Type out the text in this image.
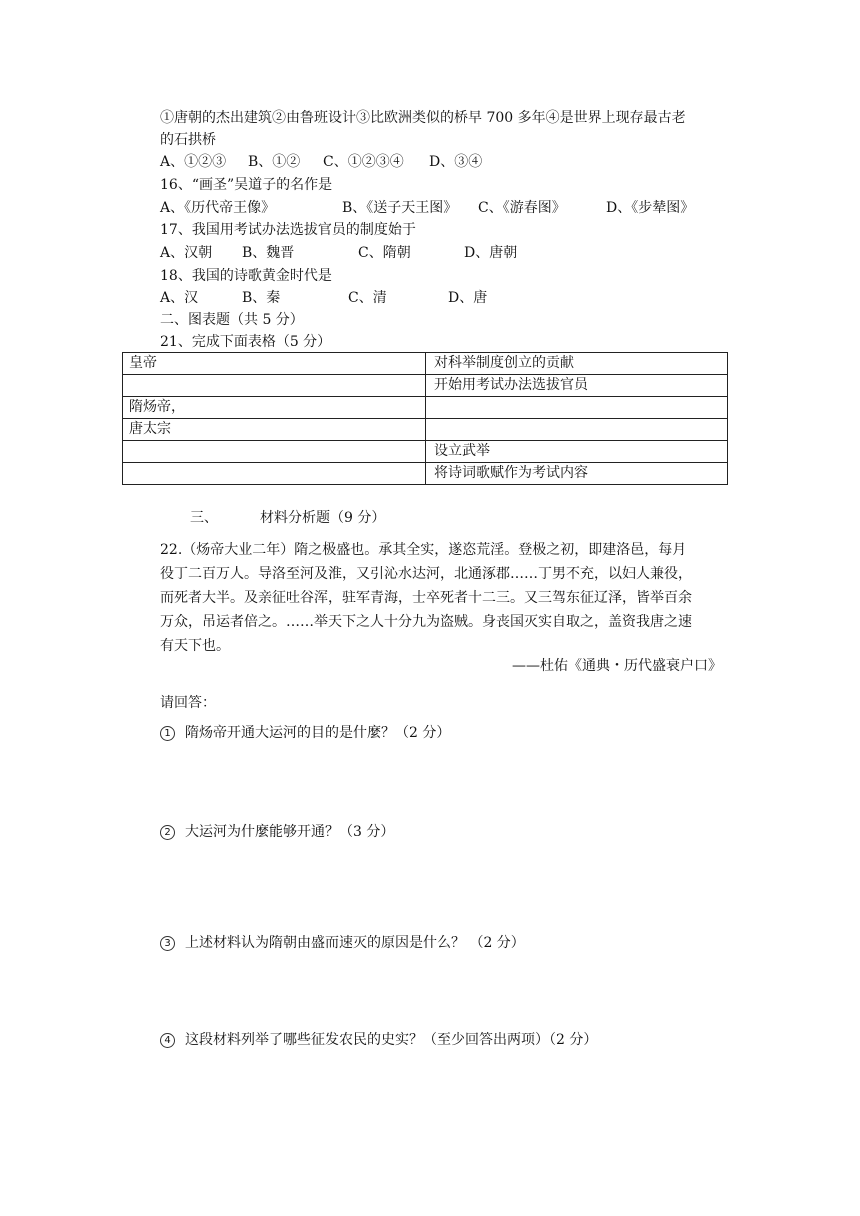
①唐朝的杰出建筑②由鲁班设计③比欧洲类似的桥早 700 多年④是世界上现存最古老
的石拱桥
A、①②③ B、①② C、①②③④ D、③④
16、“画圣”吴道子的名作是
A、《历代帝王像》	B、《送子天王图》 C、《游春图》	D、《步辇图》
17、我国用考试办法选拔官员的制度始于
A、汉朝 B、魏晋	C、隋朝	D、唐朝
18、我国的诗歌黄金时代是
A、汉	B、秦	C、清	D、唐
二、图表题（共 5 分）
21、完成下面表格（5 分）
皇帝	对科举制度创立的贡献
	开始用考试办法选拔官员
隋炀帝，	
唐太宗	
	设立武举
	将诗词歌赋作为考试内容
三、	材料分析题（9 分）
22.（炀帝大业二年）隋之极盛也。承其全实，遂恣荒淫。登极之初，即建洛邑，每月
役丁二百万人。导洛至河及淮，又引沁水达河，北通涿郡……丁男不充，以妇人兼役，
而死者大半。及亲征吐谷浑，驻军青海，士卒死者十二三。又三驾东征辽泽，皆举百余
万众，吊运者倍之。……举天下之人十分九为盗贼。身丧国灭实自取之，盖资我唐之速
有天下也。
——杜佑《通典・历代盛衰户口》
请回答：
1 隋炀帝开通大运河的目的是什麼？（2 分）
2 大运河为什麼能够开通？（3 分）
3 上述材料认为隋朝由盛而速灭的原因是什么？ （2 分）
4 这段材料列举了哪些征发农民的史实？（至少回答出两项）（2 分）
